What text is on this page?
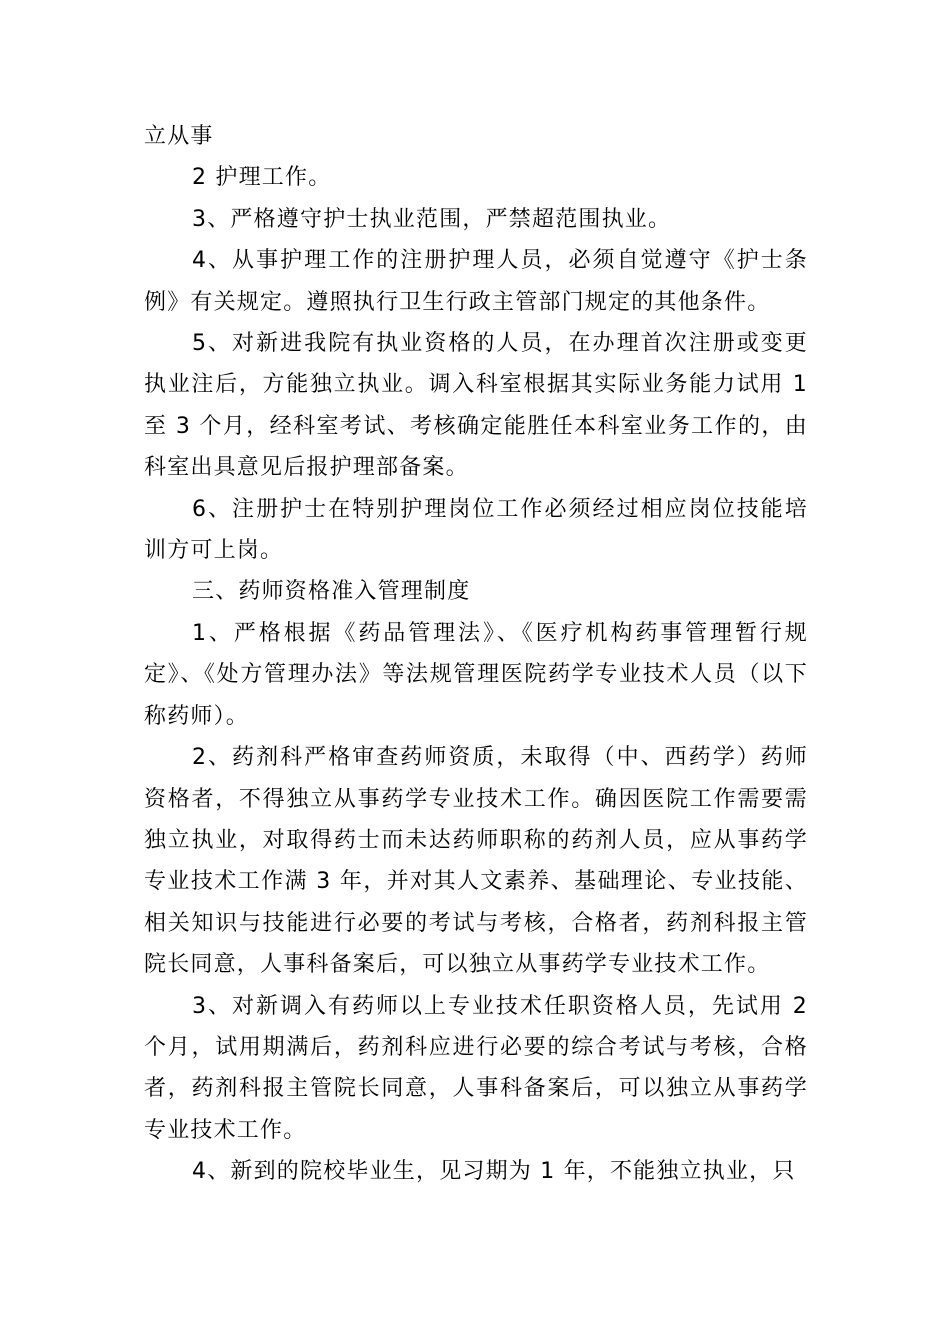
立从事

2 护理工作。

3、严格遵守护士执业范围，严禁超范围执业。

4、从事护理工作的注册护理人员，必须自觉遵守《护士条例》有关规定。遵照执行卫生行政主管部门规定的其他条件。

5、对新进我院有执业资格的人员，在办理首次注册或变更执业注后，方能独立执业。调入科室根据其实际业务能力试用 1 至 3 个月，经科室考试、考核确定能胜任本科室业务工作的，由科室出具意见后报护理部备案。

6、注册护士在特别护理岗位工作必须经过相应岗位技能培训方可上岗。

三、药师资格准入管理制度

1、严格根据《药品管理法》、《医疗机构药事管理暂行规定》、《处方管理办法》等法规管理医院药学专业技术人员（以下称药师）。

2、药剂科严格审查药师资质，未取得（中、西药学）药师资格者，不得独立从事药学专业技术工作。确因医院工作需要需独立执业，对取得药士而未达药师职称的药剂人员，应从事药学专业技术工作满 3 年，并对其人文素养、基础理论、专业技能、相关知识与技能进行必要的考试与考核，合格者，药剂科报主管院长同意，人事科备案后，可以独立从事药学专业技术工作。

3、对新调入有药师以上专业技术任职资格人员，先试用 2 个月，试用期满后，药剂科应进行必要的综合考试与考核，合格者，药剂科报主管院长同意，人事科备案后，可以独立从事药学专业技术工作。

4、新到的院校毕业生，见习期为 1 年，不能独立执业，只
